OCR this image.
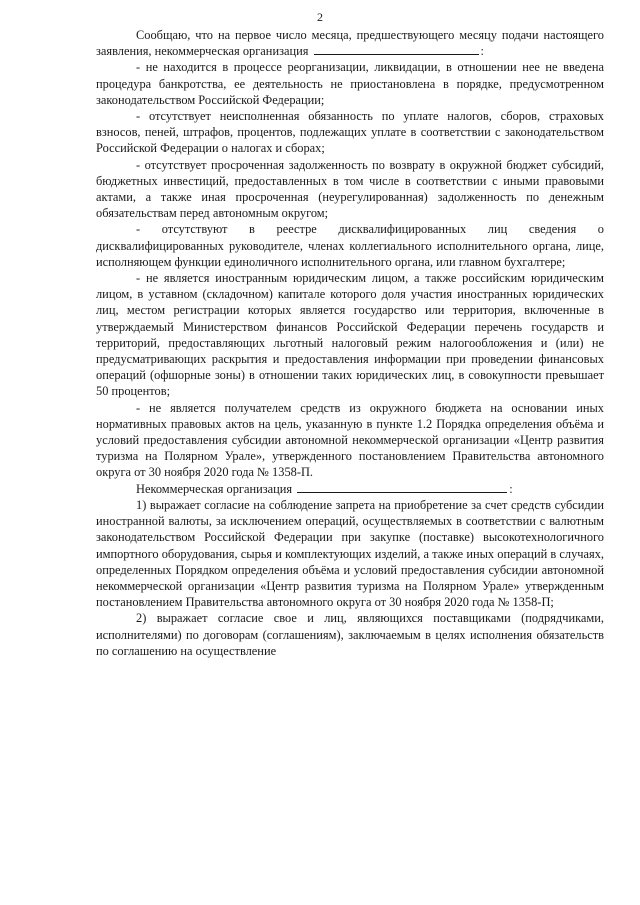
2

Сообщаю, что на первое число месяца, предшествующего месяцу подачи настоящего заявления, некоммерческая организация	:

- не находится в процессе реорганизации, ликвидации, в отношении нее не введена процедура банкротства, ее деятельность не приостановлена в порядке, предусмотренном законодательством Российской Федерации;

- отсутствует неисполненная обязанность по уплате налогов, сборов, страховых взносов, пеней, штрафов, процентов, подлежащих уплате в соответствии с законодательством Российской Федерации о налогах и сборах;

- отсутствует просроченная задолженность по возврату в окружной бюджет субсидий, бюджетных инвестиций, предоставленных в том числе в соответствии с иными правовыми актами, а также иная просроченная (неурегулированная) задолженность по денежным обязательствам перед автономным округом;

- отсутствуют в реестре дисквалифицированных лиц сведения о дисквалифицированных руководителе, членах коллегиального исполнительного органа, лице, исполняющем функции единоличного исполнительного органа, или главном бухгалтере;

- не является иностранным юридическим лицом, а также российским юридическим лицом, в уставном (складочном) капитале которого доля участия иностранных юридических лиц, местом регистрации которых является государство или территория, включенные в утверждаемый Министерством финансов Российской Федерации перечень государств и территорий, предоставляющих льготный налоговый режим налогообложения и (или) не предусматривающих раскрытия и предоставления информации при проведении финансовых операций (офшорные зоны) в отношении таких юридических лиц, в совокупности превышает 50 процентов;

- не является получателем средств из окружного бюджета на основании иных нормативных правовых актов на цель, указанную в пункте 1.2 Порядка определения объёма и условий предоставления субсидии автономной некоммерческой организации «Центр развития туризма на Полярном Урале», утвержденного постановлением Правительства автономного округа от 30 ноября 2020 года № 1358-П.

Некоммерческая организация	:

1) выражает согласие на соблюдение запрета на приобретение за счет средств субсидии иностранной валюты, за исключением операций, осуществляемых в соответствии с валютным законодательством Российской Федерации при закупке (поставке) высокотехнологичного импортного оборудования, сырья и комплектующих изделий, а также иных операций в случаях, определенных Порядком определения объёма и условий предоставления субсидии автономной некоммерческой организации «Центр развития туризма на Полярном Урале» утвержденным постановлением Правительства автономного округа от 30 ноября 2020 года № 1358-П;

2) выражает согласие свое и лиц, являющихся поставщиками (подрядчиками, исполнителями) по договорам (соглашениям), заключаемым в целях исполнения обязательств по соглашению на осуществление
